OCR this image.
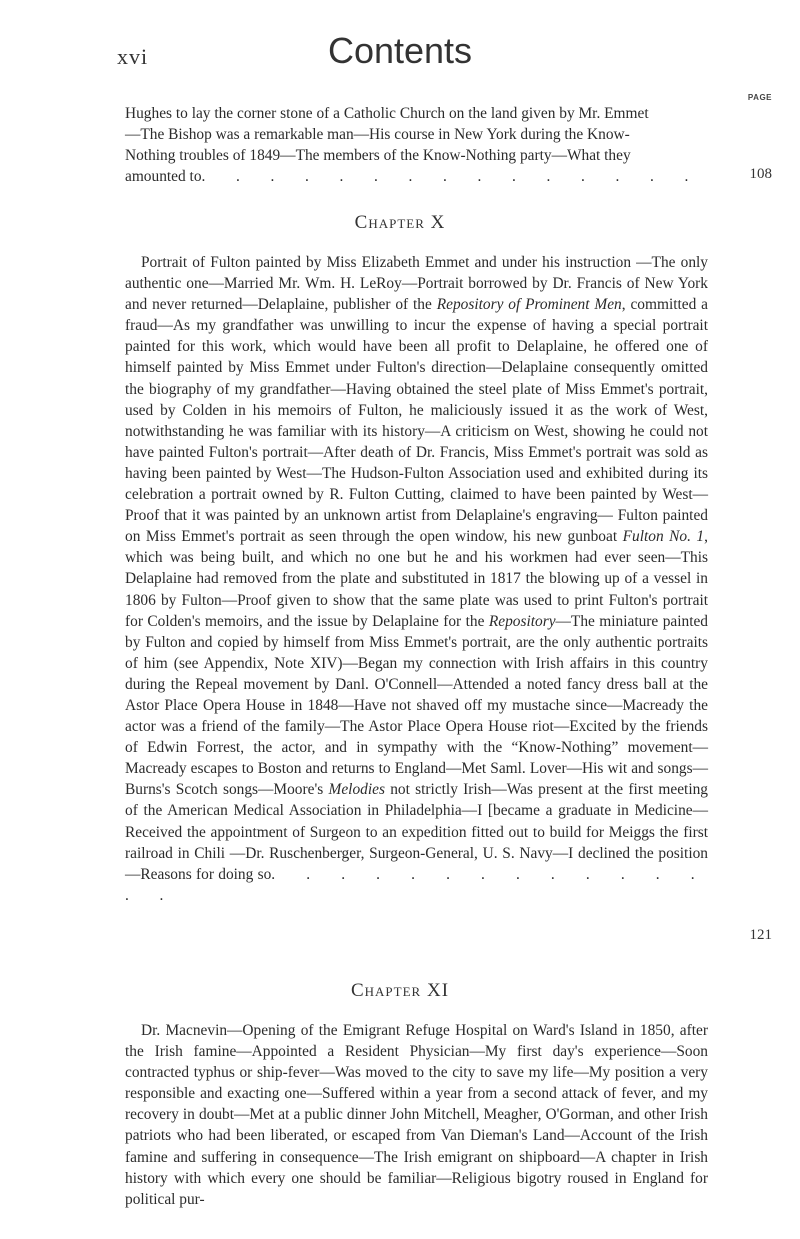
xvi	Contents
PAGE
Hughes to lay the corner stone of a Catholic Church on the land given by Mr. Emmet
—The Bishop was a remarkable man—His course in New York during the Know-
Nothing troubles of 1849—The members of the Know-Nothing party—What they
amounted to. . . . . . . . . . . . . . .	108
Chapter X
Portrait of Fulton painted by Miss Elizabeth Emmet and under his instruction —The only authentic one—Married Mr. Wm. H. LeRoy—Portrait borrowed by Dr. Francis of New York and never returned—Delaplaine, publisher of the Repository of Prominent Men, committed a fraud—As my grandfather was unwilling to incur the expense of having a special portrait painted for this work, which would have been all profit to Delaplaine, he offered one of himself painted by Miss Emmet under Fulton's direction—Delaplaine consequently omitted the biography of my grandfather—Having obtained the steel plate of Miss Emmet's portrait, used by Colden in his memoirs of Fulton, he maliciously issued it as the work of West, notwithstanding he was familiar with its history—A criticism on West, showing he could not have painted Fulton's portrait—After death of Dr. Francis, Miss Emmet's portrait was sold as having been painted by West—The Hudson-Fulton Association used and exhibited during its celebration a portrait owned by R. Fulton Cutting, claimed to have been painted by West—Proof that it was painted by an unknown artist from Delaplaine's engraving— Fulton painted on Miss Emmet's portrait as seen through the open window, his new gunboat Fulton No. 1, which was being built, and which no one but he and his workmen had ever seen—This Delaplaine had removed from the plate and substituted in 1817 the blowing up of a vessel in 1806 by Fulton—Proof given to show that the same plate was used to print Fulton's portrait for Colden's memoirs, and the issue by Delaplaine for the Repository—The miniature painted by Fulton and copied by himself from Miss Emmet's portrait, are the only authentic portraits of him (see Appendix, Note XIV)—Began my connection with Irish affairs in this country during the Repeal movement by Danl. O'Connell—Attended a noted fancy dress ball at the Astor Place Opera House in 1848—Have not shaved off my mustache since—Macready the actor was a friend of the family—The Astor Place Opera House riot—Excited by the friends of Edwin Forrest, the actor, and in sympathy with the “Know-Nothing” movement—Macready escapes to Boston and returns to England—Met Saml. Lover—His wit and songs—Burns's Scotch songs—Moore's Melodies not strictly Irish—Was present at the first meeting of the American Medical Association in Philadelphia—I [became a graduate in Medicine—Received the appointment of Surgeon to an expedition fitted out to build for Meiggs the first railroad in Chili —Dr. Ruschenberger, Surgeon-General, U. S. Navy—I declined the position—Reasons for doing so. . . . . . . . . . . . . . .
121
Chapter XI
Dr. Macnevin—Opening of the Emigrant Refuge Hospital on Ward's Island in 1850, after the Irish famine—Appointed a Resident Physician—My first day's experience—Soon contracted typhus or ship-fever—Was moved to the city to save my life—My position a very responsible and exacting one—Suffered within a year from a second attack of fever, and my recovery in doubt—Met at a public dinner John Mitchell, Meagher, O'Gorman, and other Irish patriots who had been liberated, or escaped from Van Dieman's Land—Account of the Irish famine and suffering in consequence—The Irish emigrant on shipboard—A chapter in Irish history with which every one should be familiar—Religious bigotry roused in England for political pur-
